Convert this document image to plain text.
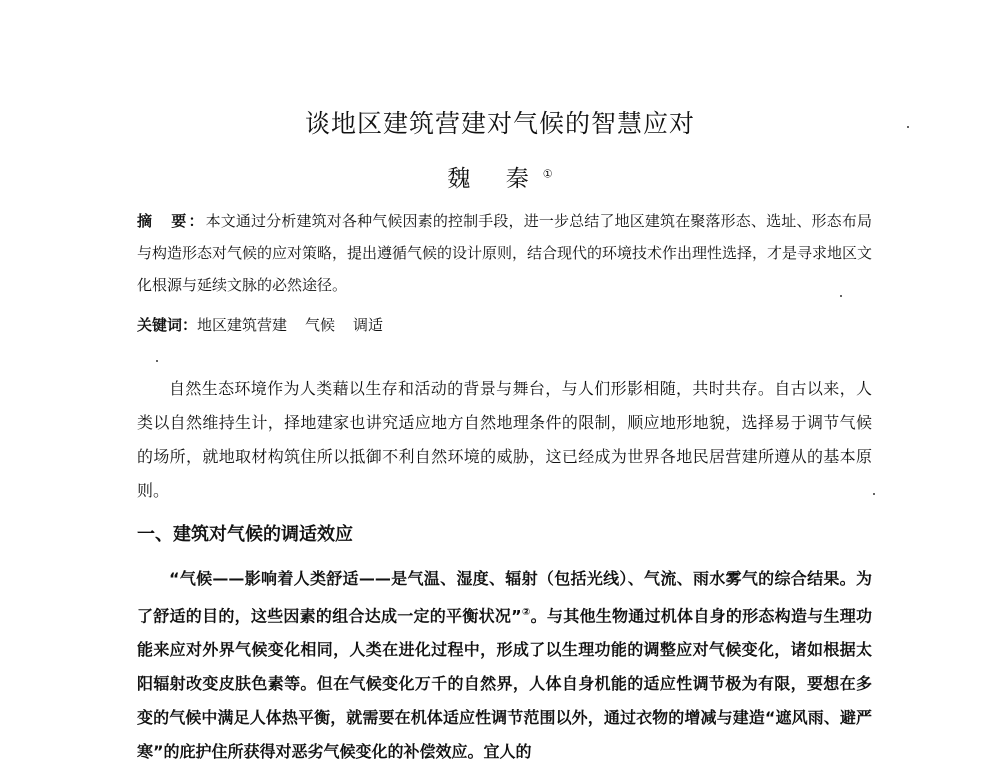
谈地区建筑营建对气候的智慧应对
魏 秦①
摘　要：本文通过分析建筑对各种气候因素的控制手段，进一步总结了地区建筑在聚落形态、选址、形态布局与构造形态对气候的应对策略，提出遵循气候的设计原则，结合现代的环境技术作出理性选择，才是寻求地区文化根源与延续文脉的必然途径。
关键词：地区建筑营建 气候 调适

自然生态环境作为人类藉以生存和活动的背景与舞台，与人们形影相随，共时共存。自古以来，人类以自然维持生计，择地建家也讲究适应地方自然地理条件的限制，顺应地形地貌，选择易于调节气候的场所，就地取材构筑住所以抵御不利自然环境的威胁，这已经成为世界各地民居营建所遵从的基本原则。

一、建筑对气候的调适效应

“气候——影响着人类舒适——是气温、湿度、辐射（包括光线）、气流、雨水雾气的综合结果。为了舒适的目的，这些因素的组合达成一定的平衡状况”②。与其他生物通过机体自身的形态构造与生理功能来应对外界气候变化相同，人类在进化过程中，形成了以生理功能的调整应对气候变化，诸如根据太阳辐射改变皮肤色素等。但在气候变化万千的自然界，人体自身机能的适应性调节极为有限，要想在多变的气候中满足人体热平衡，就需要在机体适应性调节范围以外，通过衣物的增减与建造“遮风雨、避严寒”的庇护住所获得对恶劣气候变化的补偿效应。宜人的
